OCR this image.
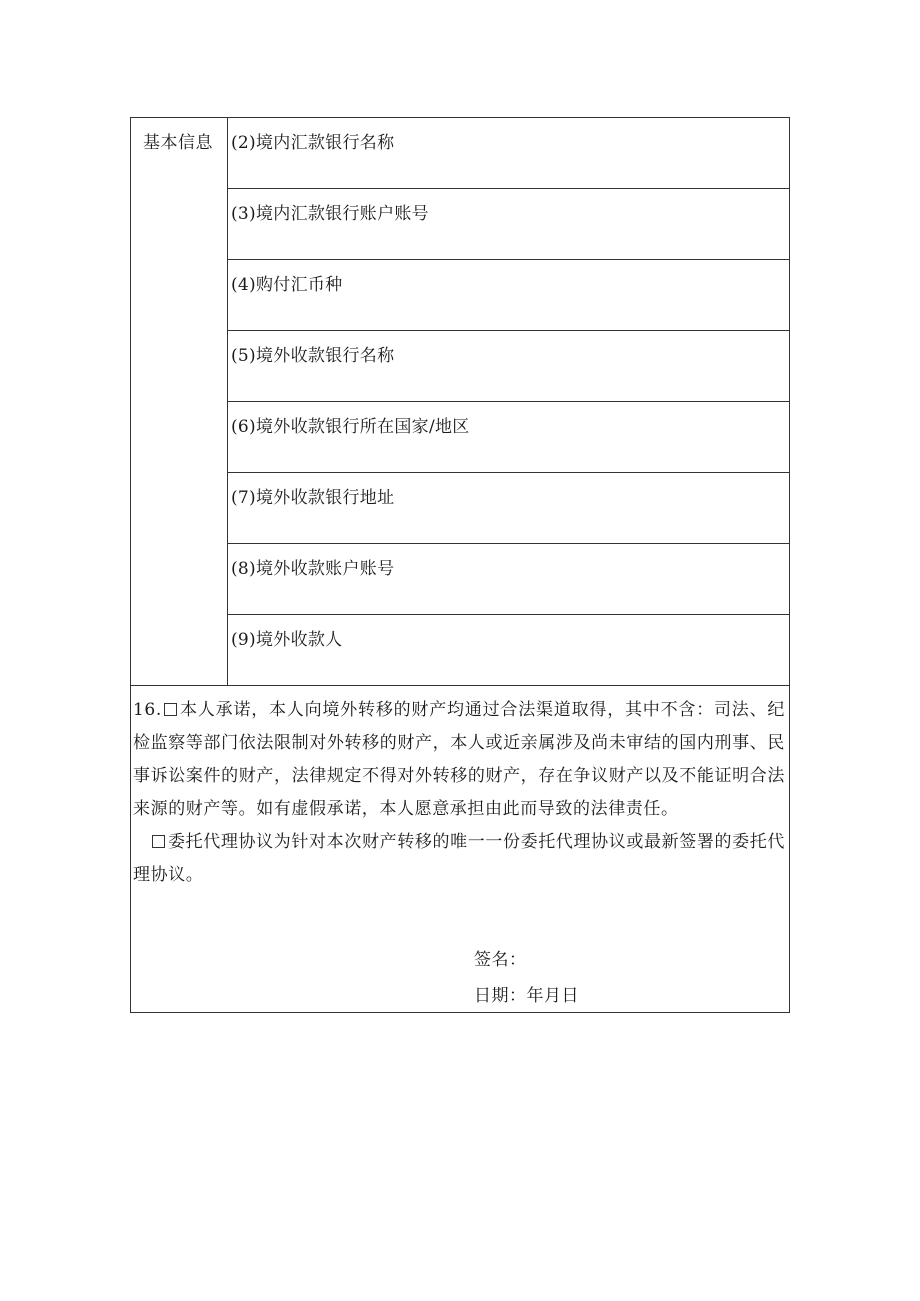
基本信息	(2)境内汇款银行名称

(3)境内汇款银行账户账号

(4)购付汇币种

(5)境外收款银行名称

(6)境外收款银行所在国家/地区

(7)境外收款银行地址

(8)境外收款账户账号

(9)境外收款人

16. 本人承诺，本人向境外转移的财产均通过合法渠道取得，其中不含：司法、纪检监察等部门依法限制对外转移的财产，本人或近亲属涉及尚未审结的国内刑事、民事诉讼案件的财产，法律规定不得对外转移的财产，存在争议财产以及不能证明合法来源的财产等。如有虚假承诺，本人愿意承担由此而导致的法律责任。

委托代理协议为针对本次财产转移的唯一一份委托代理协议或最新签署的委托代理协议。

签名：
日期：年月日
